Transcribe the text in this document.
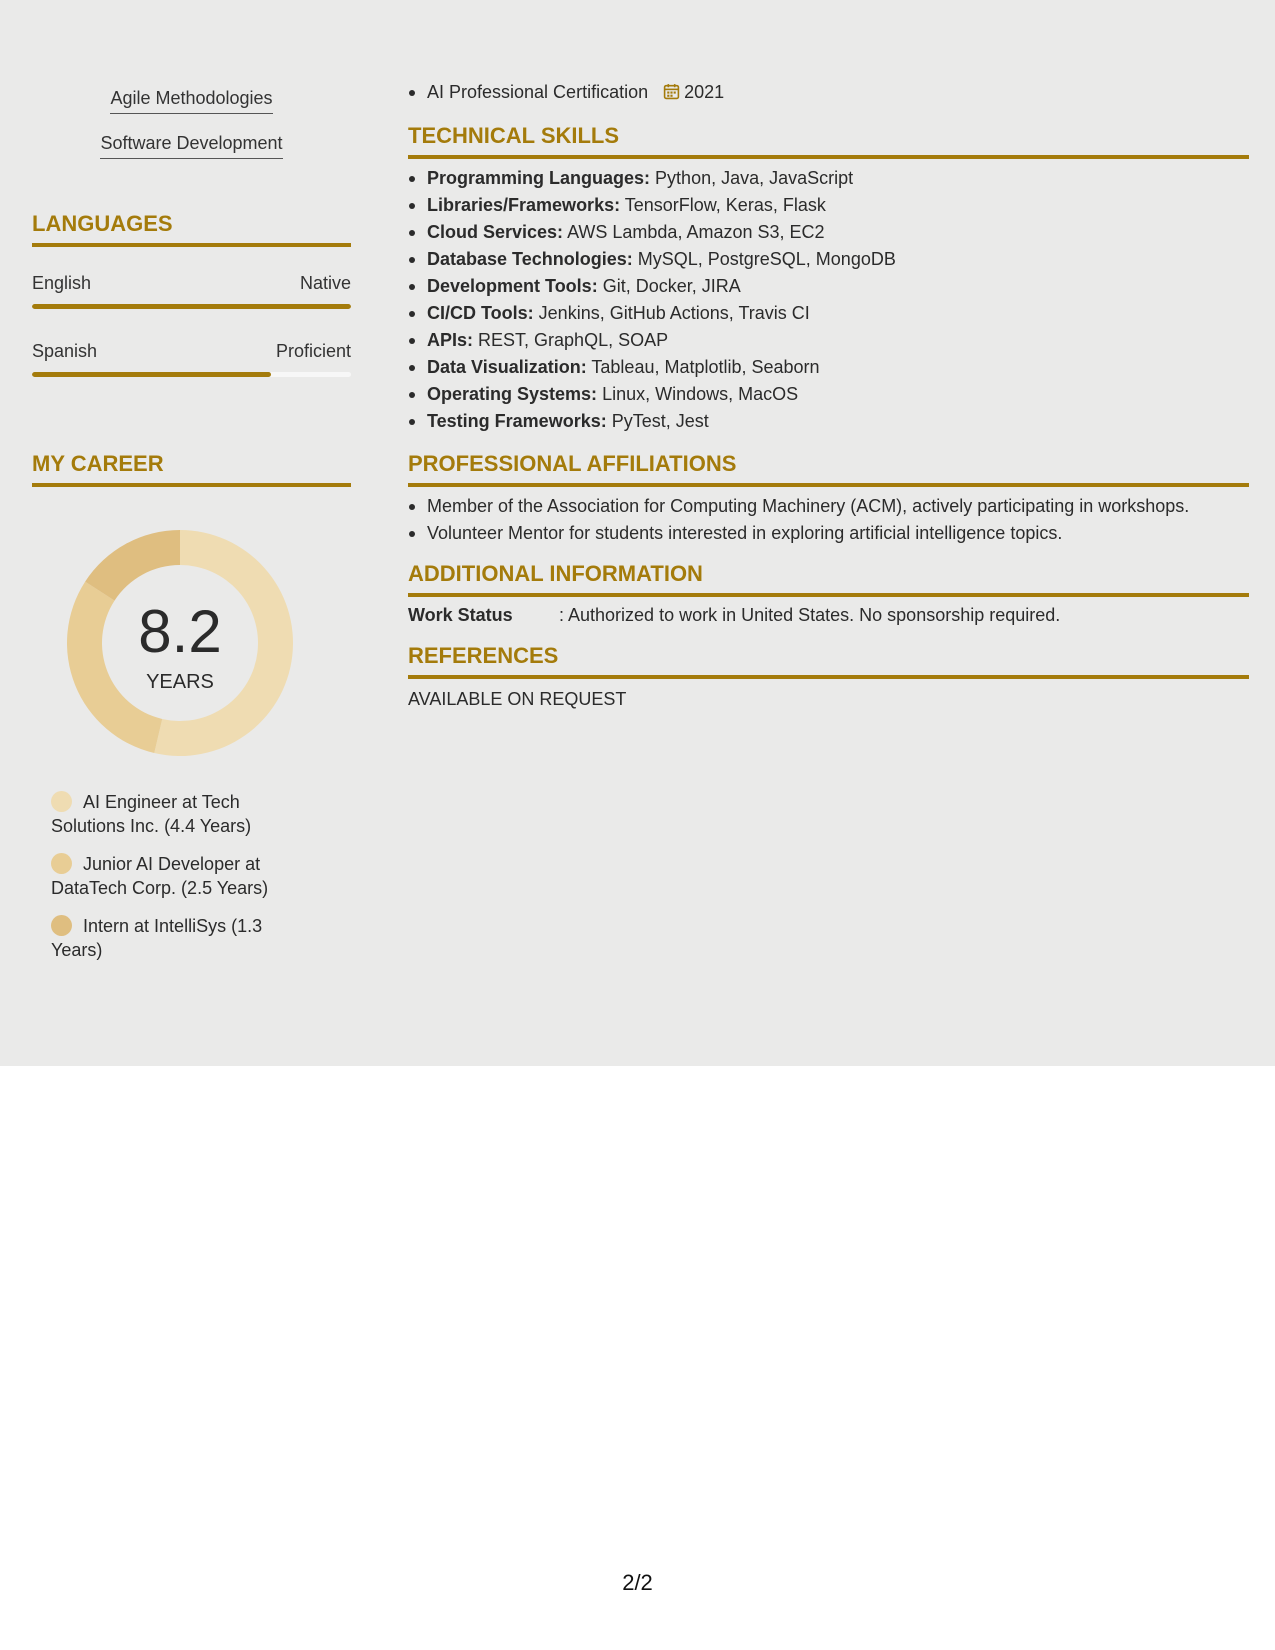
Agile Methodologies
Software Development
LANGUAGES
English	Native
Spanish	Proficient
MY CAREER
8.2
YEARS
AI Engineer at Tech Solutions Inc. (4.4 Years)
Junior AI Developer at DataTech Corp. (2.5 Years)
Intern at IntelliSys (1.3 Years)
AI Professional Certification 2021
TECHNICAL SKILLS
Programming Languages: Python, Java, JavaScript
Libraries/Frameworks: TensorFlow, Keras, Flask
Cloud Services: AWS Lambda, Amazon S3, EC2
Database Technologies: MySQL, PostgreSQL, MongoDB
Development Tools: Git, Docker, JIRA
CI/CD Tools: Jenkins, GitHub Actions, Travis CI
APIs: REST, GraphQL, SOAP
Data Visualization: Tableau, Matplotlib, Seaborn
Operating Systems: Linux, Windows, MacOS
Testing Frameworks: PyTest, Jest
PROFESSIONAL AFFILIATIONS
Member of the Association for Computing Machinery (ACM), actively participating in workshops.
Volunteer Mentor for students interested in exploring artificial intelligence topics.
ADDITIONAL INFORMATION
Work Status	: Authorized to work in United States. No sponsorship required.
REFERENCES
AVAILABLE ON REQUEST
2/2
